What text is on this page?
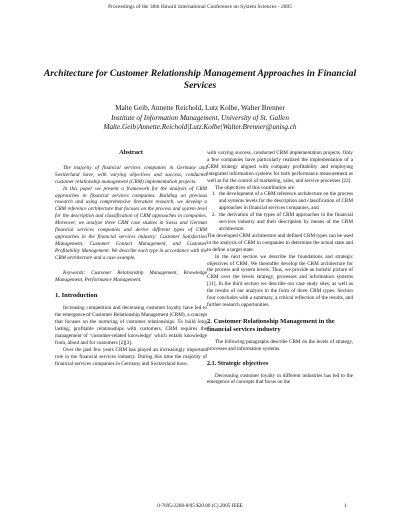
Proceedings of the 38th Hawaii International Conference on System Sciences - 2005
Architecture for Customer Relationship Management Approaches in Financial Services
Malte Geib, Annette Reichold, Lutz Kolbe, Walter Brenner
Institute of Information Management, University of St. Gallen
Malte.Geib|Annette.Reichold|Lutz.Kolbe|Walter.Brenner@unisg.ch
Abstract

The majority of financial services companies in Germany and Switzerland have, with varying objectives and success, conducted customer relationship management (CRM) implementation projects.

In this paper we present a framework for the analysis of CRM approaches in financial services companies. Building on previous research and using comprehensive literature research, we develop a CRM reference architecture that focuses on the process and system level for the description and classification of CRM approaches in companies. Moreover, we analyze three CRM case studies in Swiss and German financial services companies and derive different types of CRM approaches in the financial services industry: Customer Satisfaction Management, Customer Contact Management, and Customer Profitability Management. We describe each type in accordance with the CRM architecture and a case example.

Keywords: Customer Relationship Management, Knowledge Management, Performance Management.

1. Introduction

Increasing competition and decreasing customer loyalty have led to the emergence of Customer Relationship Management (CRM), a concept that focuses on the nurturing of customer relationships. To build long lasting, profitable relationships with customers, CRM requires the management of ‘customer-related knowledge’ which entails knowledge from, about and for customers [2][3].

Over the past few years CRM has played an increasingly important role in the financial services industry. During this time the majority of financial services companies in Germany and Switzerland have,

with varying success, conducted CRM implementation projects. Only a few companies have particularly realized the implementation of a CRM strategy aligned with company profitability and employing integrated information systems for both performance measurement as well as for the control of marketing, sales, and service processes [22].

The objectives of this contribution are

1. the development of a CRM reference architecture on the process and systems levels for the description and classification of CRM approaches in financial services companies, and
2. the derivation of the types of CRM approaches in the financial services industry and their description by means of the CRM architecture.

The developed CRM architecture and defined CRM types can be used in the analysis of CRM in companies to determine the actual state and to define a target state.

In the next section we describe the foundations and strategic objectives of CRM. We thereafter develop the CRM architecture for the process and system levels. Thus, we provide an holistic picture of CRM over the levels strategy, processes and information systems [11]. In the third section we describe our case study sites, as well as the results of our analysis in the form of three CRM types. Section four concludes with a summary, a critical reflection of the results, and further research opportunities.

2. Customer Relationship Management in the financial services industry

The following paragraphs describe CRM on the levels of strategy, processes and information systems.

2.1. Strategic objectives

Decreasing customer loyalty in different industries has led to the emergence of concepts that focus on the

0-7695-2268-8/05 $20.00 (C) 2005 IEEE	1
